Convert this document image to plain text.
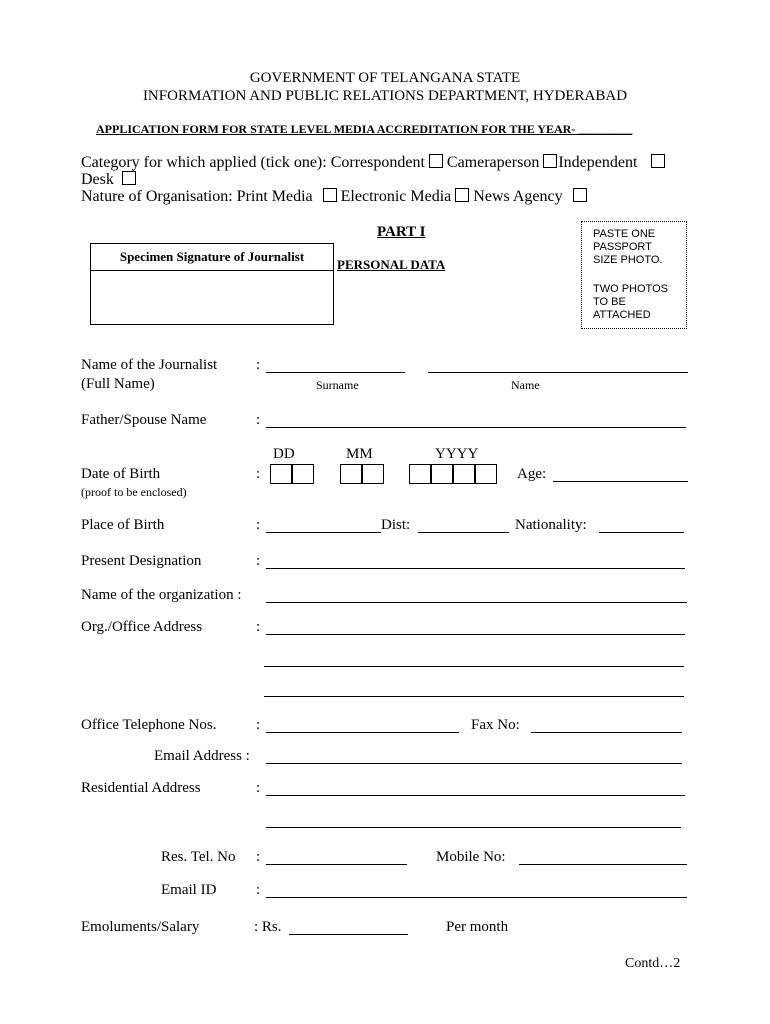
GOVERNMENT OF TELANGANA STATE
INFORMATION AND PUBLIC RELATIONS DEPARTMENT, HYDERABAD
APPLICATION FORM FOR STATE LEVEL MEDIA ACCREDITATION FOR THE YEAR- _________
Category for which applied (tick one): Correspondent Cameraperson Independent
Desk
Nature of Organisation: Print Media Electronic Media News Agency
PART I
Specimen Signature of Journalist
PERSONAL DATA
PASTE ONE
PASSPORT
SIZE PHOTO.
TWO PHOTOS
TO BE
ATTACHED
Name of the Journalist	:
(Full Name)	Surname	Name
Father/Spouse Name	:
DD	MM	YYYY
Date of Birth	:	Age:
(proof to be enclosed)
Place of Birth	:	Dist:	Nationality:
Present Designation	:
Name of the organization :
Org./Office Address	:
Office Telephone Nos.	:	Fax No:
Email Address :
Residential Address	:
Res. Tel. No :	Mobile No:
Email ID	:
Emoluments/Salary	: Rs.	Per month
Contd…2
